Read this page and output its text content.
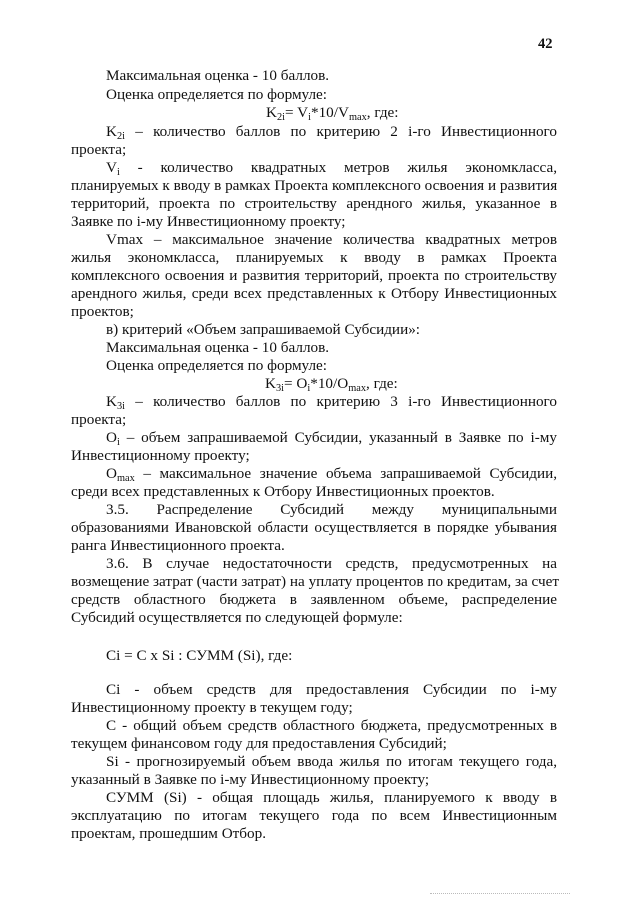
42
Максимальная оценка - 10 баллов.
Оценка определяется по формуле:
$K_{2i}= V_i*10/V_{max}$, где:
$K_{2i}$ – количество баллов по критерию 2 i-го Инвестиционного
проекта;
$V_i$ - количество квадратных метров жилья экономкласса,
планируемых к вводу в рамках Проекта комплексного освоения и развития
территорий, проекта по строительству арендного жилья, указанное в
Заявке по i-му Инвестиционному проекту;
Vmax – максимальное значение количества квадратных метров
жилья экономкласса, планируемых к вводу в рамках Проекта
комплексного освоения и развития территорий, проекта по строительству
арендного жилья, среди всех представленных к Отбору Инвестиционных
проектов;
в) критерий «Объем запрашиваемой Субсидии»:
Максимальная оценка - 10 баллов.
Оценка определяется по формуле:
$K_{3i}= O_i*10/O_{max}$, где:
$K_{3i}$ – количество баллов по критерию 3 i-го Инвестиционного
проекта;
$O_i$ – объем запрашиваемой Субсидии, указанный в Заявке по i-му
Инвестиционному проекту;
$O_{max}$ – максимальное значение объема запрашиваемой Субсидии,
среди всех представленных к Отбору Инвестиционных проектов.
3.5. Распределение Субсидий между муниципальными
образованиями Ивановской области осуществляется в порядке убывания
ранга Инвестиционного проекта.
3.6. В случае недостаточности средств, предусмотренных на
возмещение затрат (части затрат) на уплату процентов по кредитам, за счет
средств областного бюджета в заявленном объеме, распределение
Субсидий осуществляется по следующей формуле:
Ci = C x Si : СУММ (Si), где:
Ci - объем средств для предоставления Субсидии по i-му
Инвестиционному проекту в текущем году;
С - общий объем средств областного бюджета, предусмотренных в
текущем финансовом году для предоставления Субсидий;
Si - прогнозируемый объем ввода жилья по итогам текущего года,
указанный в Заявке по i-му Инвестиционному проекту;
СУММ (Si) - общая площадь жилья, планируемого к вводу в
эксплуатацию по итогам текущего года по всем Инвестиционным
проектам, прошедшим Отбор.
